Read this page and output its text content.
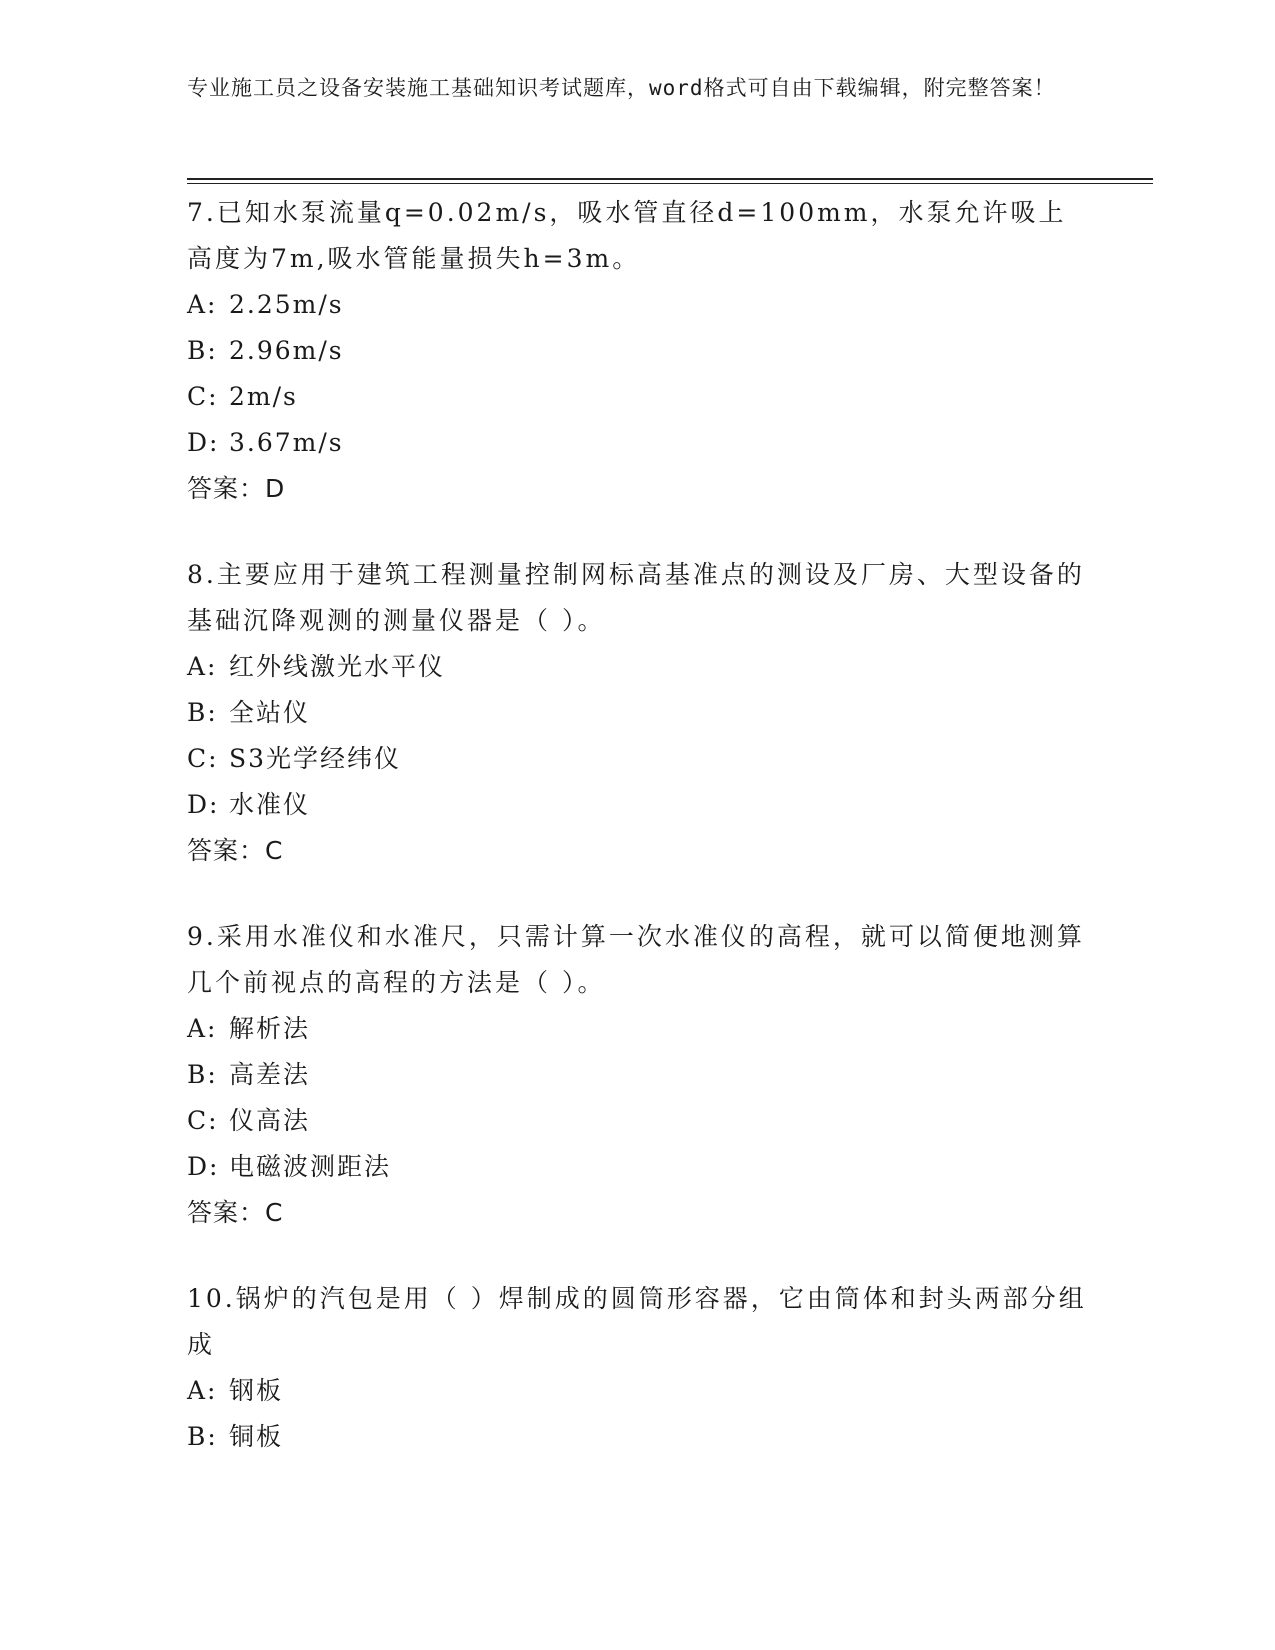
专业施工员之设备安装施工基础知识考试题库，word格式可自由下载编辑，附完整答案！

7.已知水泵流量q=0.02m/s，吸水管直径d=100mm，水泵允许吸上高度为7m,吸水管能量损失h=3m。

A: 2.25m/s

B: 2.96m/s

C: 2m/s

D: 3.67m/s

答案：D

8.主要应用于建筑工程测量控制网标高基准点的测设及厂房、大型设备的基础沉降观测的测量仪器是（ ）。

A: 红外线激光水平仪

B: 全站仪

C: S3光学经纬仪

D: 水准仪

答案：C

9.采用水准仪和水准尺，只需计算一次水准仪的高程，就可以简便地测算几个前视点的高程的方法是（ ）。

A: 解析法

B: 高差法

C: 仪高法

D: 电磁波测距法

答案：C

10.锅炉的汽包是用（ ）焊制成的圆筒形容器，它由筒体和封头两部分组成

A: 钢板

B: 铜板
